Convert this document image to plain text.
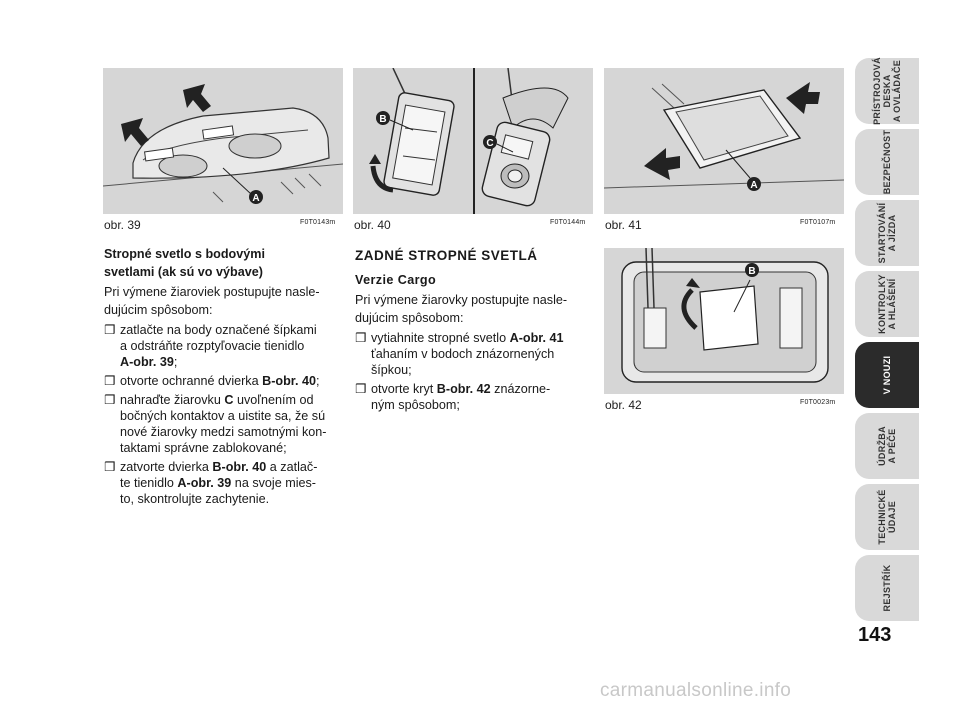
A
obr. 39	F0T0143m
B
C
obr. 40	F0T0144m
A
obr. 41	F0T0107m
B
obr. 42	F0T0023m

Stropné svetlo s bodovými

svetlami (ak sú vo výbave)

Pri výmene žiaroviek postupujte nasle-

dujúcim spôsobom:

❒ zatlačte na body označené šípkami
a odstráňte rozptyľovacie tienidlo
A-obr. 39;
❒ otvorte ochranné dvierka B-obr. 40;
❒ nahraďte žiarovku C uvoľnením od
bočných kontaktov a uistite sa, že sú
nové žiarovky medzi samotnými kon-
taktami správne zablokované;
❒ zatvorte dvierka B-obr. 40 a zatlač-
te tienidlo A-obr. 39 na svoje mies-
to, skontrolujte zachytenie.

ZADNÉ STROPNÉ SVETLÁ

Verzie Cargo

Pri výmene žiarovky postupujte nasle-

dujúcim spôsobom:

❒ vytiahnite stropné svetlo A-obr. 41
ťahaním v bodoch znázornených
šípkou;
❒ otvorte kryt B-obr. 42 znázorne-
ným spôsobom;
PRÍSTROJOVÁ
DESKA
A OVLÁDAČE
BEZPEČNOST
STARTOVÁNÍ
A JÍZDA
KONTROLKY
A HLÁŠENÍ
V NOUZI
ÚDRŽBA
A PÉČE
TECHNICKÉ
ÚDAJE
REJSTŘÍK
143
carmanualsonline.info
